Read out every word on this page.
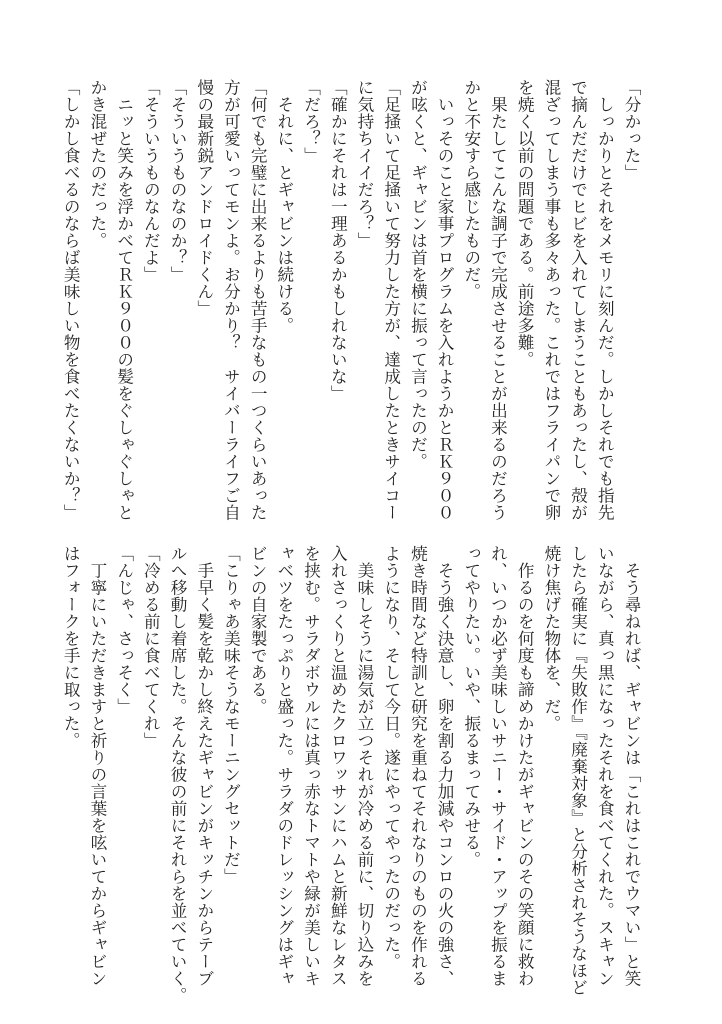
「分かった」
　しっかりとそれをメモリに刻んだ。しかしそれでも指先
で摘んだだけでヒビを入れてしまうこともあったし、殻が
混ざってしまう事も多々あった。これではフライパンで卵
を焼く以前の問題である。前途多難。
　果たしてこんな調子で完成させることが出来るのだろう
かと不安すら感じたものだ。
　いっそのこと家事プログラムを入れようかとＲＫ９００
が呟くと、ギャビンは首を横に振って言ったのだ。
「足掻いて足掻いて努力した方が、達成したときサイコー
に気持ちイイだろ？」
「確かにそれは一理あるかもしれないな」
「だろ？」
　それに、とギャビンは続ける。
「何でも完璧に出来るよりも苦手なもの一つくらいあった
方が可愛いってモンよ。お分かり？　サイバーライフご自
慢の最新鋭アンドロイドくん」
「そういうものなのか？」
「そういうものなんだよ」
　ニッと笑みを浮かべてＲＫ９００の髪をぐしゃぐしゃと
かき混ぜたのだった。
「しかし食べるのならば美味しい物を食べたくないか？」
　そう尋ねれば、ギャビンは「これはこれでウマい」と笑
いながら、真っ黒になったそれを食べてくれた。スキャン
したら確実に『失敗作』『廃棄対象』と分析されそうなほど
焼け焦げた物体を、だ。
　作るのを何度も諦めかけたがギャビンのその笑顔に救わ
れ、いつか必ず美味しいサニー・サイド・アップを振るま
ってやりたい。いや、振るまってみせる。
　そう強く決意し、卵を割る力加減やコンロの火の強さ、
焼き時間など特訓と研究を重ねてそれなりのものを作れる
ようになり、そして今日。遂にやってやったのだった。
　美味しそうに湯気が立つそれが冷める前に、切り込みを
入れさっくりと温めたクロワッサンにハムと新鮮なレタス
を挟む。サラダボウルには真っ赤なトマトや緑が美しいキ
ャベツをたっぷりと盛った。サラダのドレッシングはギャ
ビンの自家製である。
「こりゃあ美味そうなモーニングセットだ」
　手早く髪を乾かし終えたギャビンがキッチンからテーブ
ルへ移動し着席した。そんな彼の前にそれらを並べていく。
「冷める前に食べてくれ」
「んじゃ、さっそく」
　丁寧にいただきますと祈りの言葉を呟いてからギャビン
はフォークを手に取った。
